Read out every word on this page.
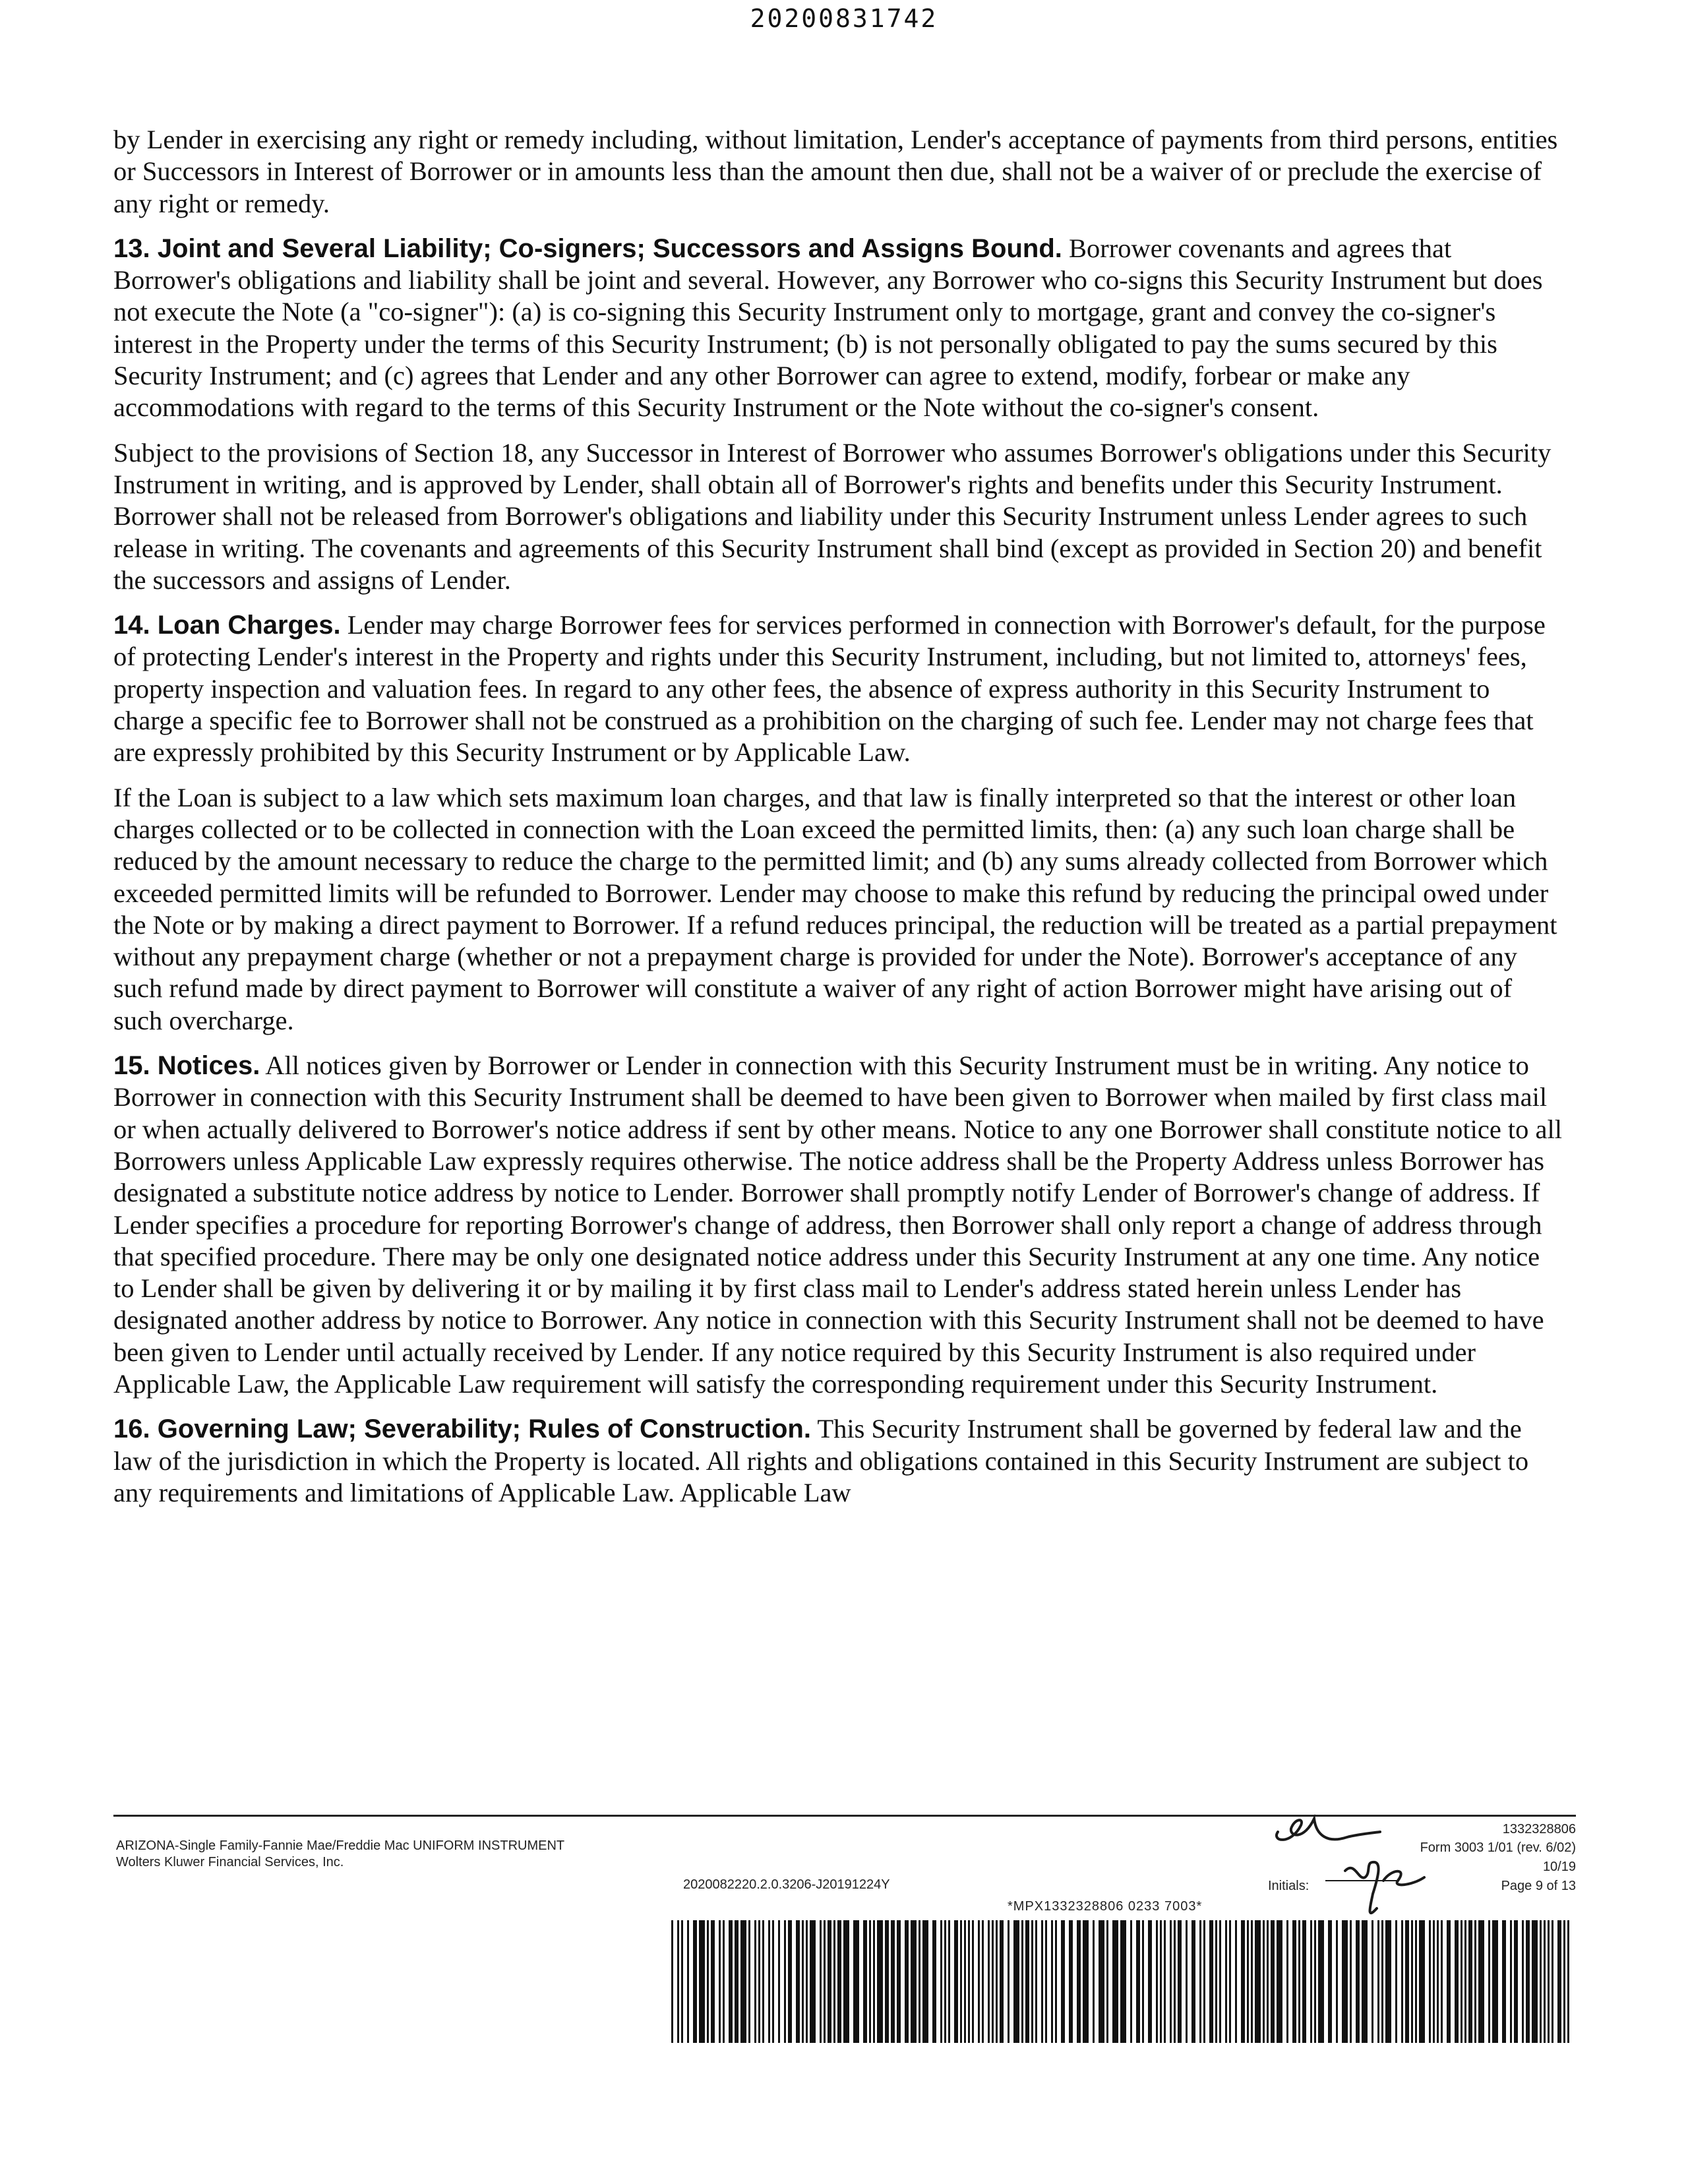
20200831742

by Lender in exercising any right or remedy including, without limitation, Lender's acceptance of payments from third persons, entities or Successors in Interest of Borrower or in amounts less than the amount then due, shall not be a waiver of or preclude the exercise of any right or remedy.

13. Joint and Several Liability; Co-signers; Successors and Assigns Bound. Borrower covenants and agrees that Borrower's obligations and liability shall be joint and several. However, any Borrower who co-signs this Security Instrument but does not execute the Note (a "co-signer"): (a) is co-signing this Security Instrument only to mortgage, grant and convey the co-signer's interest in the Property under the terms of this Security Instrument; (b) is not personally obligated to pay the sums secured by this Security Instrument; and (c) agrees that Lender and any other Borrower can agree to extend, modify, forbear or make any accommodations with regard to the terms of this Security Instrument or the Note without the co-signer's consent.

Subject to the provisions of Section 18, any Successor in Interest of Borrower who assumes Borrower's obligations under this Security Instrument in writing, and is approved by Lender, shall obtain all of Borrower's rights and benefits under this Security Instrument. Borrower shall not be released from Borrower's obligations and liability under this Security Instrument unless Lender agrees to such release in writing. The covenants and agreements of this Security Instrument shall bind (except as provided in Section 20) and benefit the successors and assigns of Lender.

14. Loan Charges. Lender may charge Borrower fees for services performed in connection with Borrower's default, for the purpose of protecting Lender's interest in the Property and rights under this Security Instrument, including, but not limited to, attorneys' fees, property inspection and valuation fees. In regard to any other fees, the absence of express authority in this Security Instrument to charge a specific fee to Borrower shall not be construed as a prohibition on the charging of such fee. Lender may not charge fees that are expressly prohibited by this Security Instrument or by Applicable Law.

If the Loan is subject to a law which sets maximum loan charges, and that law is finally interpreted so that the interest or other loan charges collected or to be collected in connection with the Loan exceed the permitted limits, then: (a) any such loan charge shall be reduced by the amount necessary to reduce the charge to the permitted limit; and (b) any sums already collected from Borrower which exceeded permitted limits will be refunded to Borrower. Lender may choose to make this refund by reducing the principal owed under the Note or by making a direct payment to Borrower. If a refund reduces principal, the reduction will be treated as a partial prepayment without any prepayment charge (whether or not a prepayment charge is provided for under the Note). Borrower's acceptance of any such refund made by direct payment to Borrower will constitute a waiver of any right of action Borrower might have arising out of such overcharge.

15. Notices. All notices given by Borrower or Lender in connection with this Security Instrument must be in writing. Any notice to Borrower in connection with this Security Instrument shall be deemed to have been given to Borrower when mailed by first class mail or when actually delivered to Borrower's notice address if sent by other means. Notice to any one Borrower shall constitute notice to all Borrowers unless Applicable Law expressly requires otherwise. The notice address shall be the Property Address unless Borrower has designated a substitute notice address by notice to Lender. Borrower shall promptly notify Lender of Borrower's change of address. If Lender specifies a procedure for reporting Borrower's change of address, then Borrower shall only report a change of address through that specified procedure. There may be only one designated notice address under this Security Instrument at any one time. Any notice to Lender shall be given by delivering it or by mailing it by first class mail to Lender's address stated herein unless Lender has designated another address by notice to Borrower. Any notice in connection with this Security Instrument shall not be deemed to have been given to Lender until actually received by Lender. If any notice required by this Security Instrument is also required under Applicable Law, the Applicable Law requirement will satisfy the corresponding requirement under this Security Instrument.

16. Governing Law; Severability; Rules of Construction. This Security Instrument shall be governed by federal law and the law of the jurisdiction in which the Property is located. All rights and obligations contained in this Security Instrument are subject to any requirements and limitations of Applicable Law. Applicable Law

ARIZONA-Single Family-Fannie Mae/Freddie Mac UNIFORM INSTRUMENT
Wolters Kluwer Financial Services, Inc.
2020082220.2.0.3206-J20191224Y
1332328806
Form 3003 1/01 (rev. 6/02)
10/19
Initials:	Page 9 of 13
*MPX1332328806 0233 7003*
